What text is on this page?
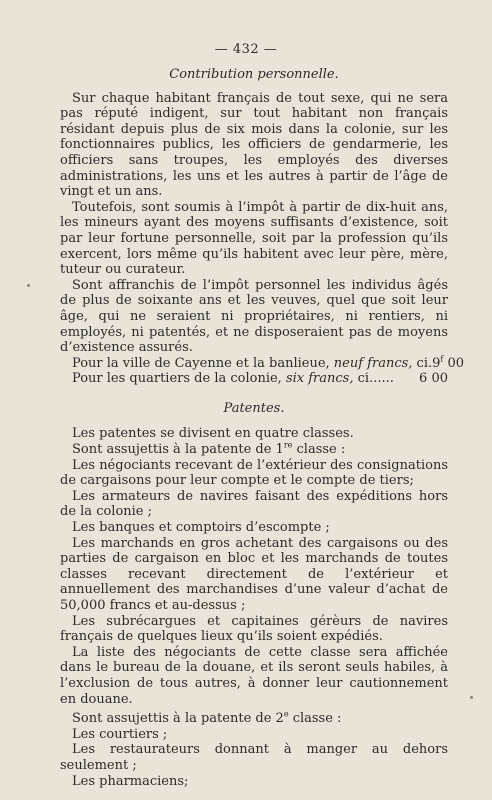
— 432 —
Contribution personnelle.

Sur chaque habitant français de tout sexe, qui ne sera pas réputé indigent, sur tout habitant non français résidant depuis plus de six mois dans la colonie, sur les fonctionnaires publics, les officiers de gendarmerie, les officiers sans troupes, les employés des diverses administrations, les uns et les autres à partir de l’âge de vingt et un ans.

Toutefois, sont soumis à l’impôt à partir de dix-huit ans, les mineurs ayant des moyens suffisants d’existence, soit par leur fortune personnelle, soit par la profession qu’ils exercent, lors même qu’ils habitent avec leur père, mère, tuteur ou curateur.

Sont affranchis de l’impôt personnel les individus âgés de plus de soixante ans et les veuves, quel que soit leur âge, qui ne seraient ni propriétaires, ni rentiers, ni employés, ni patentés, et ne disposeraient pas de moyens d’existence assurés.

Pour la ville de Cayenne et la banlieue, neuf francs, ci. 9$^f$ 00
Pour les quartiers de la colonie, six francs, ci......	6 00
Patentes.

Les patentes se divisent en quatre classes.

Sont assujettis à la patente de 1re classe :

Les négociants recevant de l’extérieur des consignations de cargaisons pour leur compte et le compte de tiers;

Les armateurs de navires faisant des expéditions hors de la colonie ;

Les banques et comptoirs d’escompte ;

Les marchands en gros achetant des cargaisons ou des parties de cargaison en bloc et les marchands de toutes classes recevant directement de l’extérieur et annuellement des marchandises d’une valeur d’achat de 50,000 francs et au-dessus ;

Les subrécargues et capitaines gérèurs de navires français de quelques lieux qu’ils soient expédiés.

La liste des négociants de cette classe sera affichée dans le bureau de la douane, et ils seront seuls habiles, à l’exclusion de tous autres, à donner leur cautionnement en douane.

Sont assujettis à la patente de 2e classe :

Les courtiers ;

Les restaurateurs donnant à manger au dehors seulement ;

Les pharmaciens;
